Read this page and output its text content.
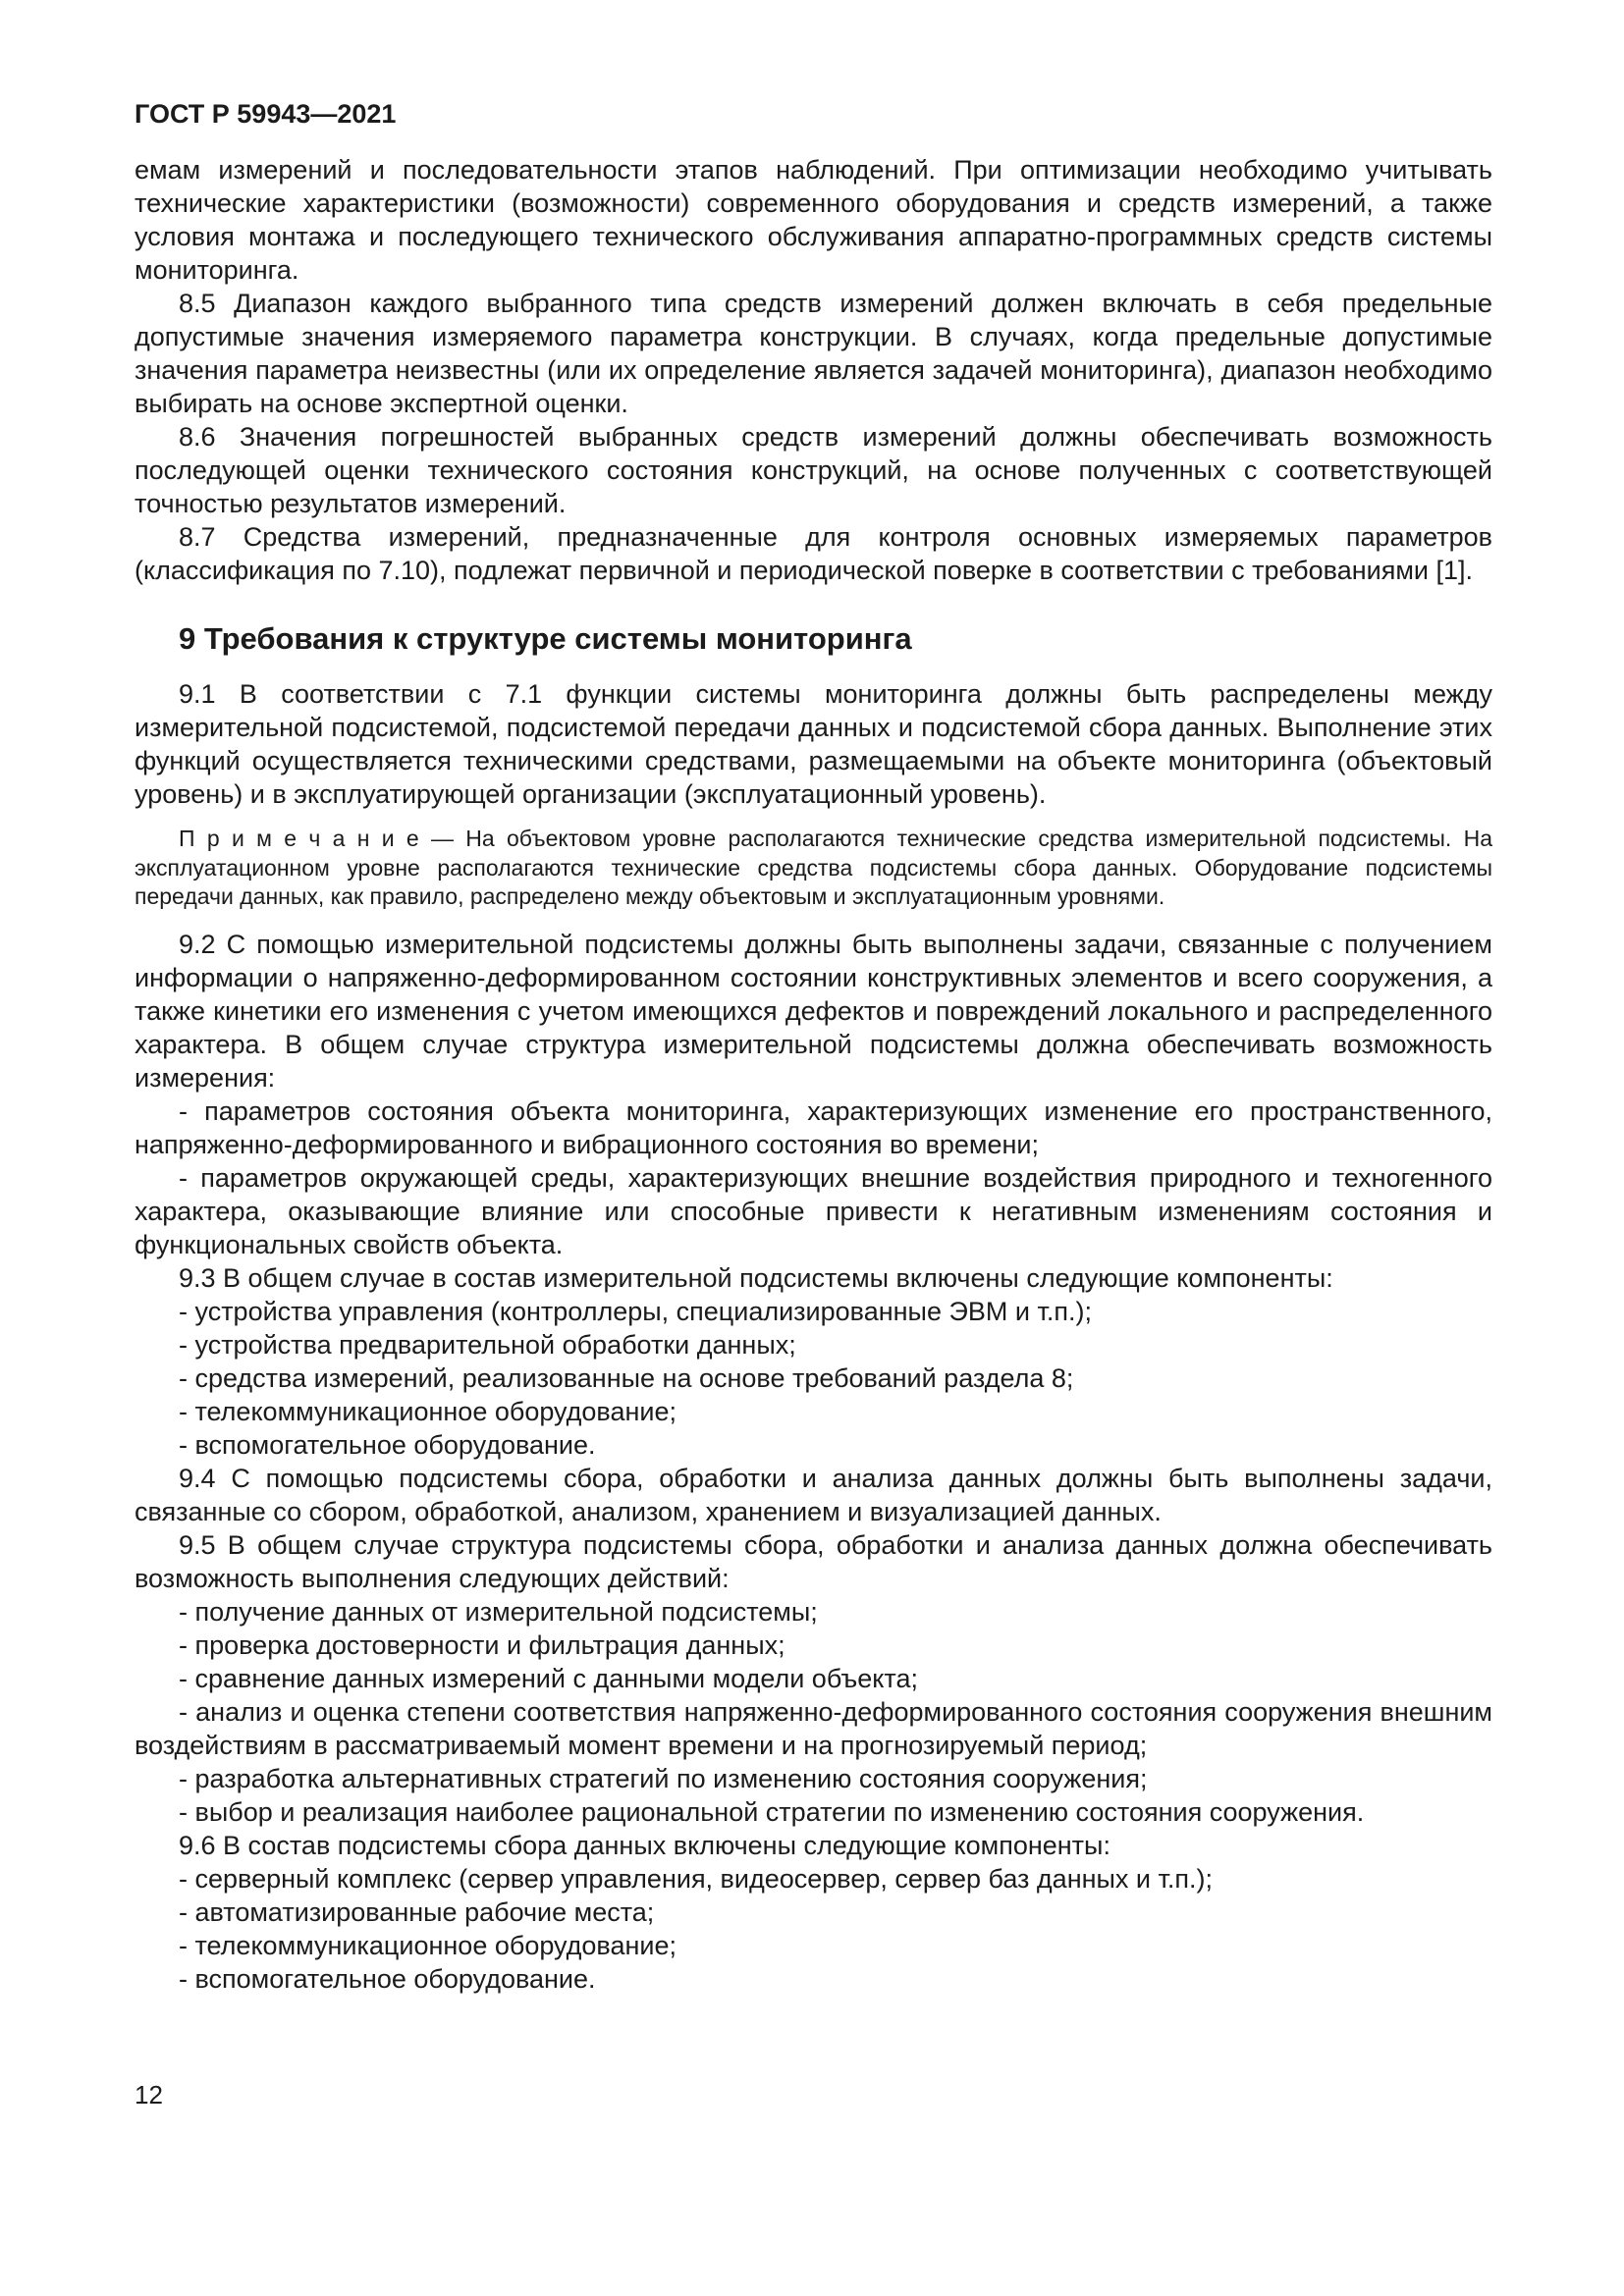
ГОСТ Р 59943—2021

емам измерений и последовательности этапов наблюдений. При оптимизации необходимо учитывать технические характеристики (возможности) современного оборудования и средств измерений, а также условия монтажа и последующего технического обслуживания аппаратно-программных средств системы мониторинга.

8.5 Диапазон каждого выбранного типа средств измерений должен включать в себя предельные допустимые значения измеряемого параметра конструкции. В случаях, когда предельные допустимые значения параметра неизвестны (или их определение является задачей мониторинга), диапазон необходимо выбирать на основе экспертной оценки.

8.6 Значения погрешностей выбранных средств измерений должны обеспечивать возможность последующей оценки технического состояния конструкций, на основе полученных с соответствующей точностью результатов измерений.

8.7 Средства измерений, предназначенные для контроля основных измеряемых параметров (классификация по 7.10), подлежат первичной и периодической поверке в соответствии с требованиями [1].

9 Требования к структуре системы мониторинга

9.1 В соответствии с 7.1 функции системы мониторинга должны быть распределены между измерительной подсистемой, подсистемой передачи данных и подсистемой сбора данных. Выполнение этих функций осуществляется техническими средствами, размещаемыми на объекте мониторинга (объектовый уровень) и в эксплуатирующей организации (эксплуатационный уровень).

П р и м е ч а н и е — На объектовом уровне располагаются технические средства измерительной подсистемы. На эксплуатационном уровне располагаются технические средства подсистемы сбора данных. Оборудование подсистемы передачи данных, как правило, распределено между объектовым и эксплуатационным уровнями.

9.2 С помощью измерительной подсистемы должны быть выполнены задачи, связанные с получением информации о напряженно-деформированном состоянии конструктивных элементов и всего сооружения, а также кинетики его изменения с учетом имеющихся дефектов и повреждений локального и распределенного характера. В общем случае структура измерительной подсистемы должна обеспечивать возможность измерения:

- параметров состояния объекта мониторинга, характеризующих изменение его пространственного, напряженно-деформированного и вибрационного состояния во времени;

- параметров окружающей среды, характеризующих внешние воздействия природного и техногенного характера, оказывающие влияние или способные привести к негативным изменениям состояния и функциональных свойств объекта.

9.3 В общем случае в состав измерительной подсистемы включены следующие компоненты:

- устройства управления (контроллеры, специализированные ЭВМ и т.п.);

- устройства предварительной обработки данных;

- средства измерений, реализованные на основе требований раздела 8;

- телекоммуникационное оборудование;

- вспомогательное оборудование.

9.4 С помощью подсистемы сбора, обработки и анализа данных должны быть выполнены задачи, связанные со сбором, обработкой, анализом, хранением и визуализацией данных.

9.5 В общем случае структура подсистемы сбора, обработки и анализа данных должна обеспечивать возможность выполнения следующих действий:

- получение данных от измерительной подсистемы;

- проверка достоверности и фильтрация данных;

- сравнение данных измерений с данными модели объекта;

- анализ и оценка степени соответствия напряженно-деформированного состояния сооружения внешним воздействиям в рассматриваемый момент времени и на прогнозируемый период;

- разработка альтернативных стратегий по изменению состояния сооружения;

- выбор и реализация наиболее рациональной стратегии по изменению состояния сооружения.

9.6 В состав подсистемы сбора данных включены следующие компоненты:

- серверный комплекс (сервер управления, видеосервер, сервер баз данных и т.п.);

- автоматизированные рабочие места;

- телекоммуникационное оборудование;

- вспомогательное оборудование.

12
